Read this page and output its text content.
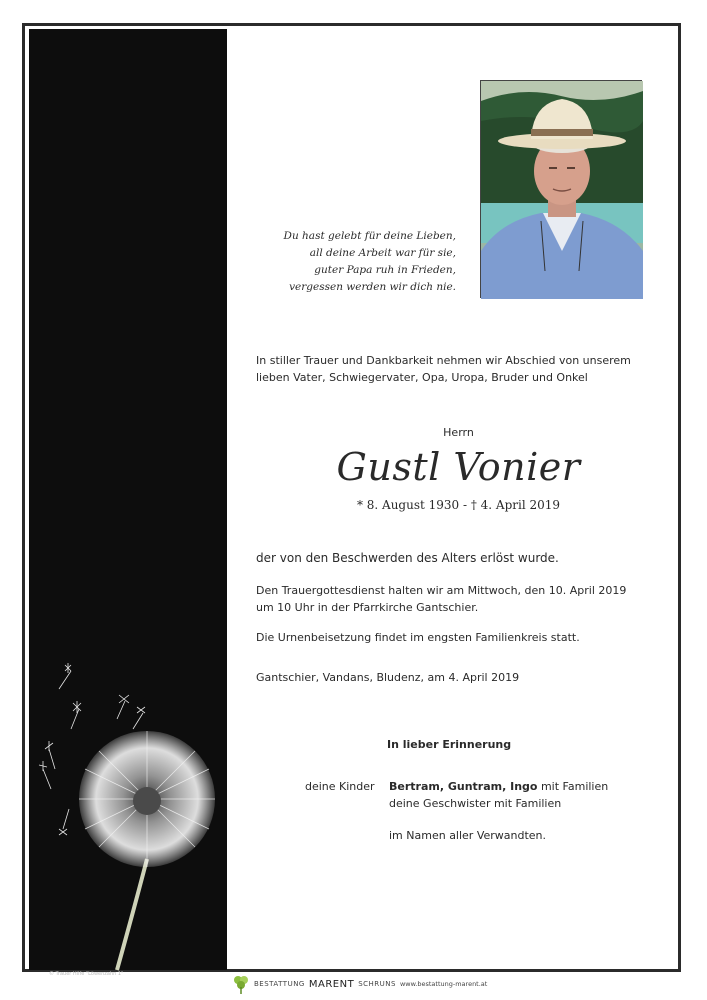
© Trauer Hilfe "Löwenzahn 1"
Du hast gelebt für deine Lieben,
all deine Arbeit war für sie,
guter Papa ruh in Frieden,
vergessen werden wir dich nie.
In stiller Trauer und Dankbarkeit nehmen wir Abschied von unserem
lieben Vater, Schwiegervater, Opa, Uropa, Bruder und Onkel
Herrn
Gustl Vonier
* 8. August 1930 - † 4. April 2019
der von den Beschwerden des Alters erlöst wurde.
Den Trauergottesdienst halten wir am Mittwoch, den 10. April 2019
um 10 Uhr in der Pfarrkirche Gantschier.
Die Urnenbeisetzung findet im engsten Familienkreis statt.
Gantschier, Vandans, Bludenz, am 4. April 2019
In lieber Erinnerung
deine Kinder Bertram, Guntram, Ingo mit Familien
deine Geschwister mit Familien
im Namen aller Verwandten.
BESTATTUNG MARENT SCHRUNS www.bestattung-marent.at
